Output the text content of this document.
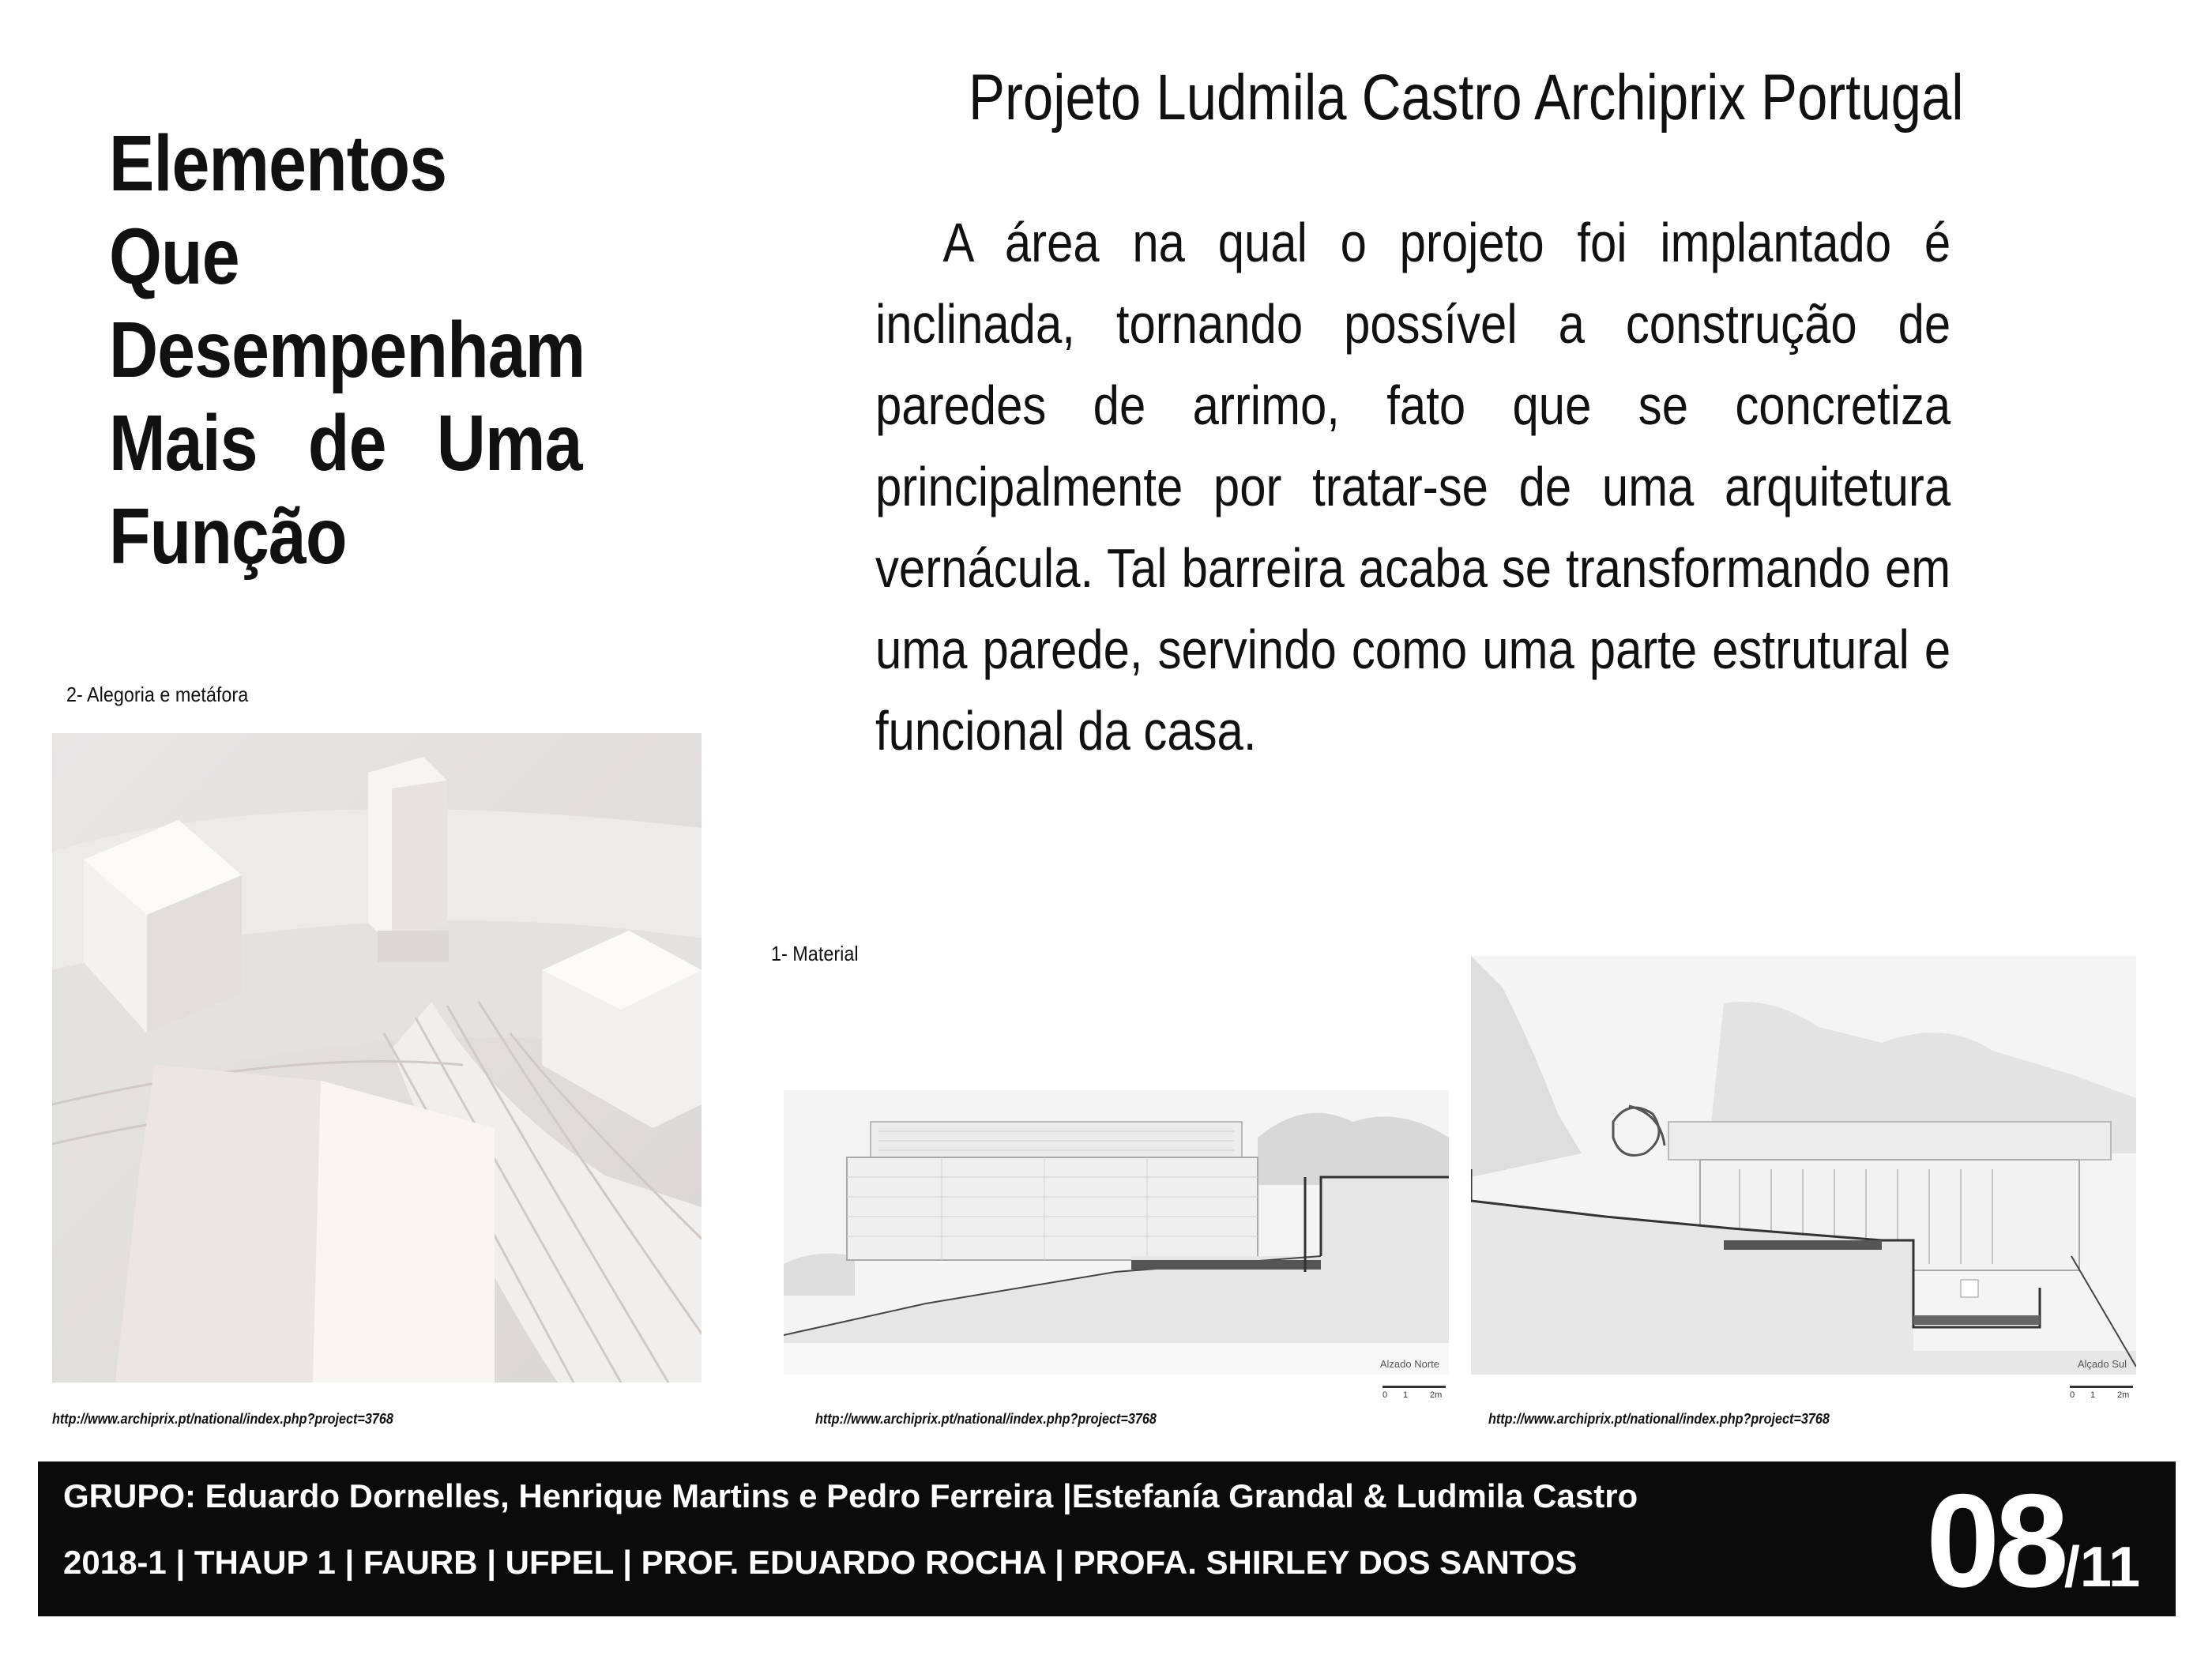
Elementos Que
Desempenham
Mais de Uma
Função
Projeto Ludmila Castro Archiprix Portugal
A área na qual o projeto foi implantado é inclinada, tornando possível a construção de paredes de arrimo, fato que se concretiza principalmente por tratar-se de uma arquitetura vernácula. Tal barreira acaba se transformando em uma parede, servindo como uma parte estrutural e funcional da casa.
2- Alegoria e metáfora
http://www.archiprix.pt/national/index.php?project=3768
1- Material
Alzado Norte
0 1	2m
http://www.archiprix.pt/national/index.php?project=3768
Alçado Sul
0 1	2m
http://www.archiprix.pt/national/index.php?project=3768
GRUPO: Eduardo Dornelles, Henrique Martins e Pedro Ferreira |Estefanía Grandal & Ludmila Castro
2018-1 | THAUP 1 | FAURB | UFPEL | PROF. EDUARDO ROCHA | PROFA. SHIRLEY DOS SANTOS	08/11
